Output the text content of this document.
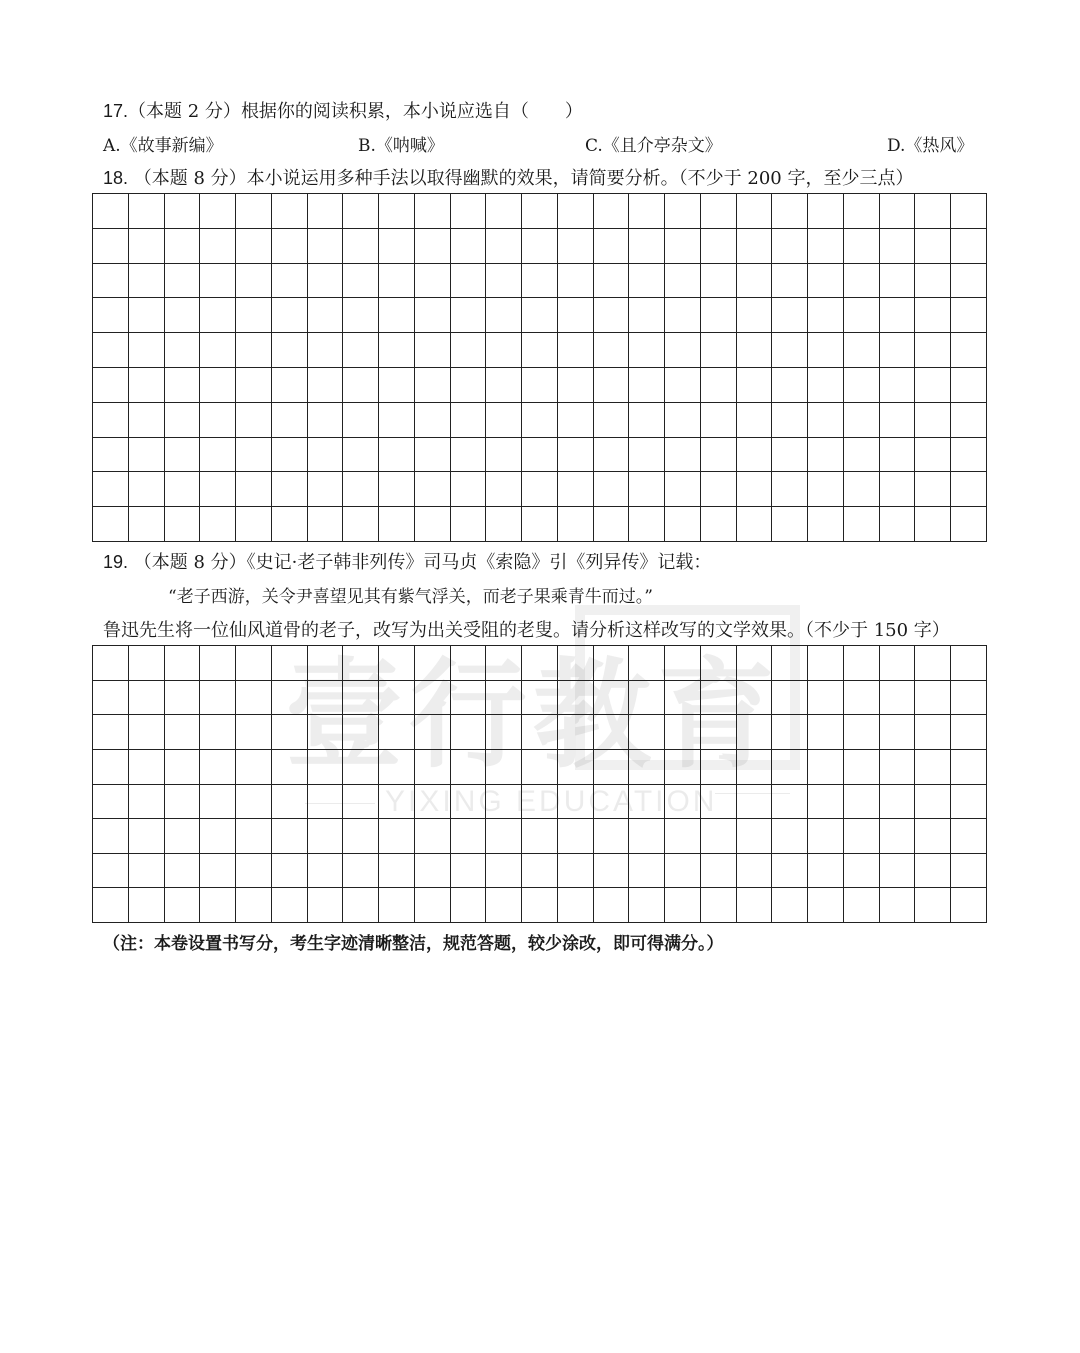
壹行教育
YIXING EDUCATION
17.（本题 2 分）根据你的阅读积累，本小说应选自（　　）
A.《故事新编》	B.《呐喊》	C.《且介亭杂文》	D.《热风》
18. （本题 8 分）本小说运用多种手法以取得幽默的效果，请简要分析。（不少于 200 字，至少三点）
19. （本题 8 分）《史记·老子韩非列传》司马贞《索隐》引《列异传》记载：
“老子西游，关令尹喜望见其有紫气浮关，而老子果乘青牛而过。”
鲁迅先生将一位仙风道骨的老子，改写为出关受阻的老叟。请分析这样改写的文学效果。（不少于 150 字）
（注：本卷设置书写分，考生字迹清晰整洁，规范答题，较少涂改，即可得满分。）
